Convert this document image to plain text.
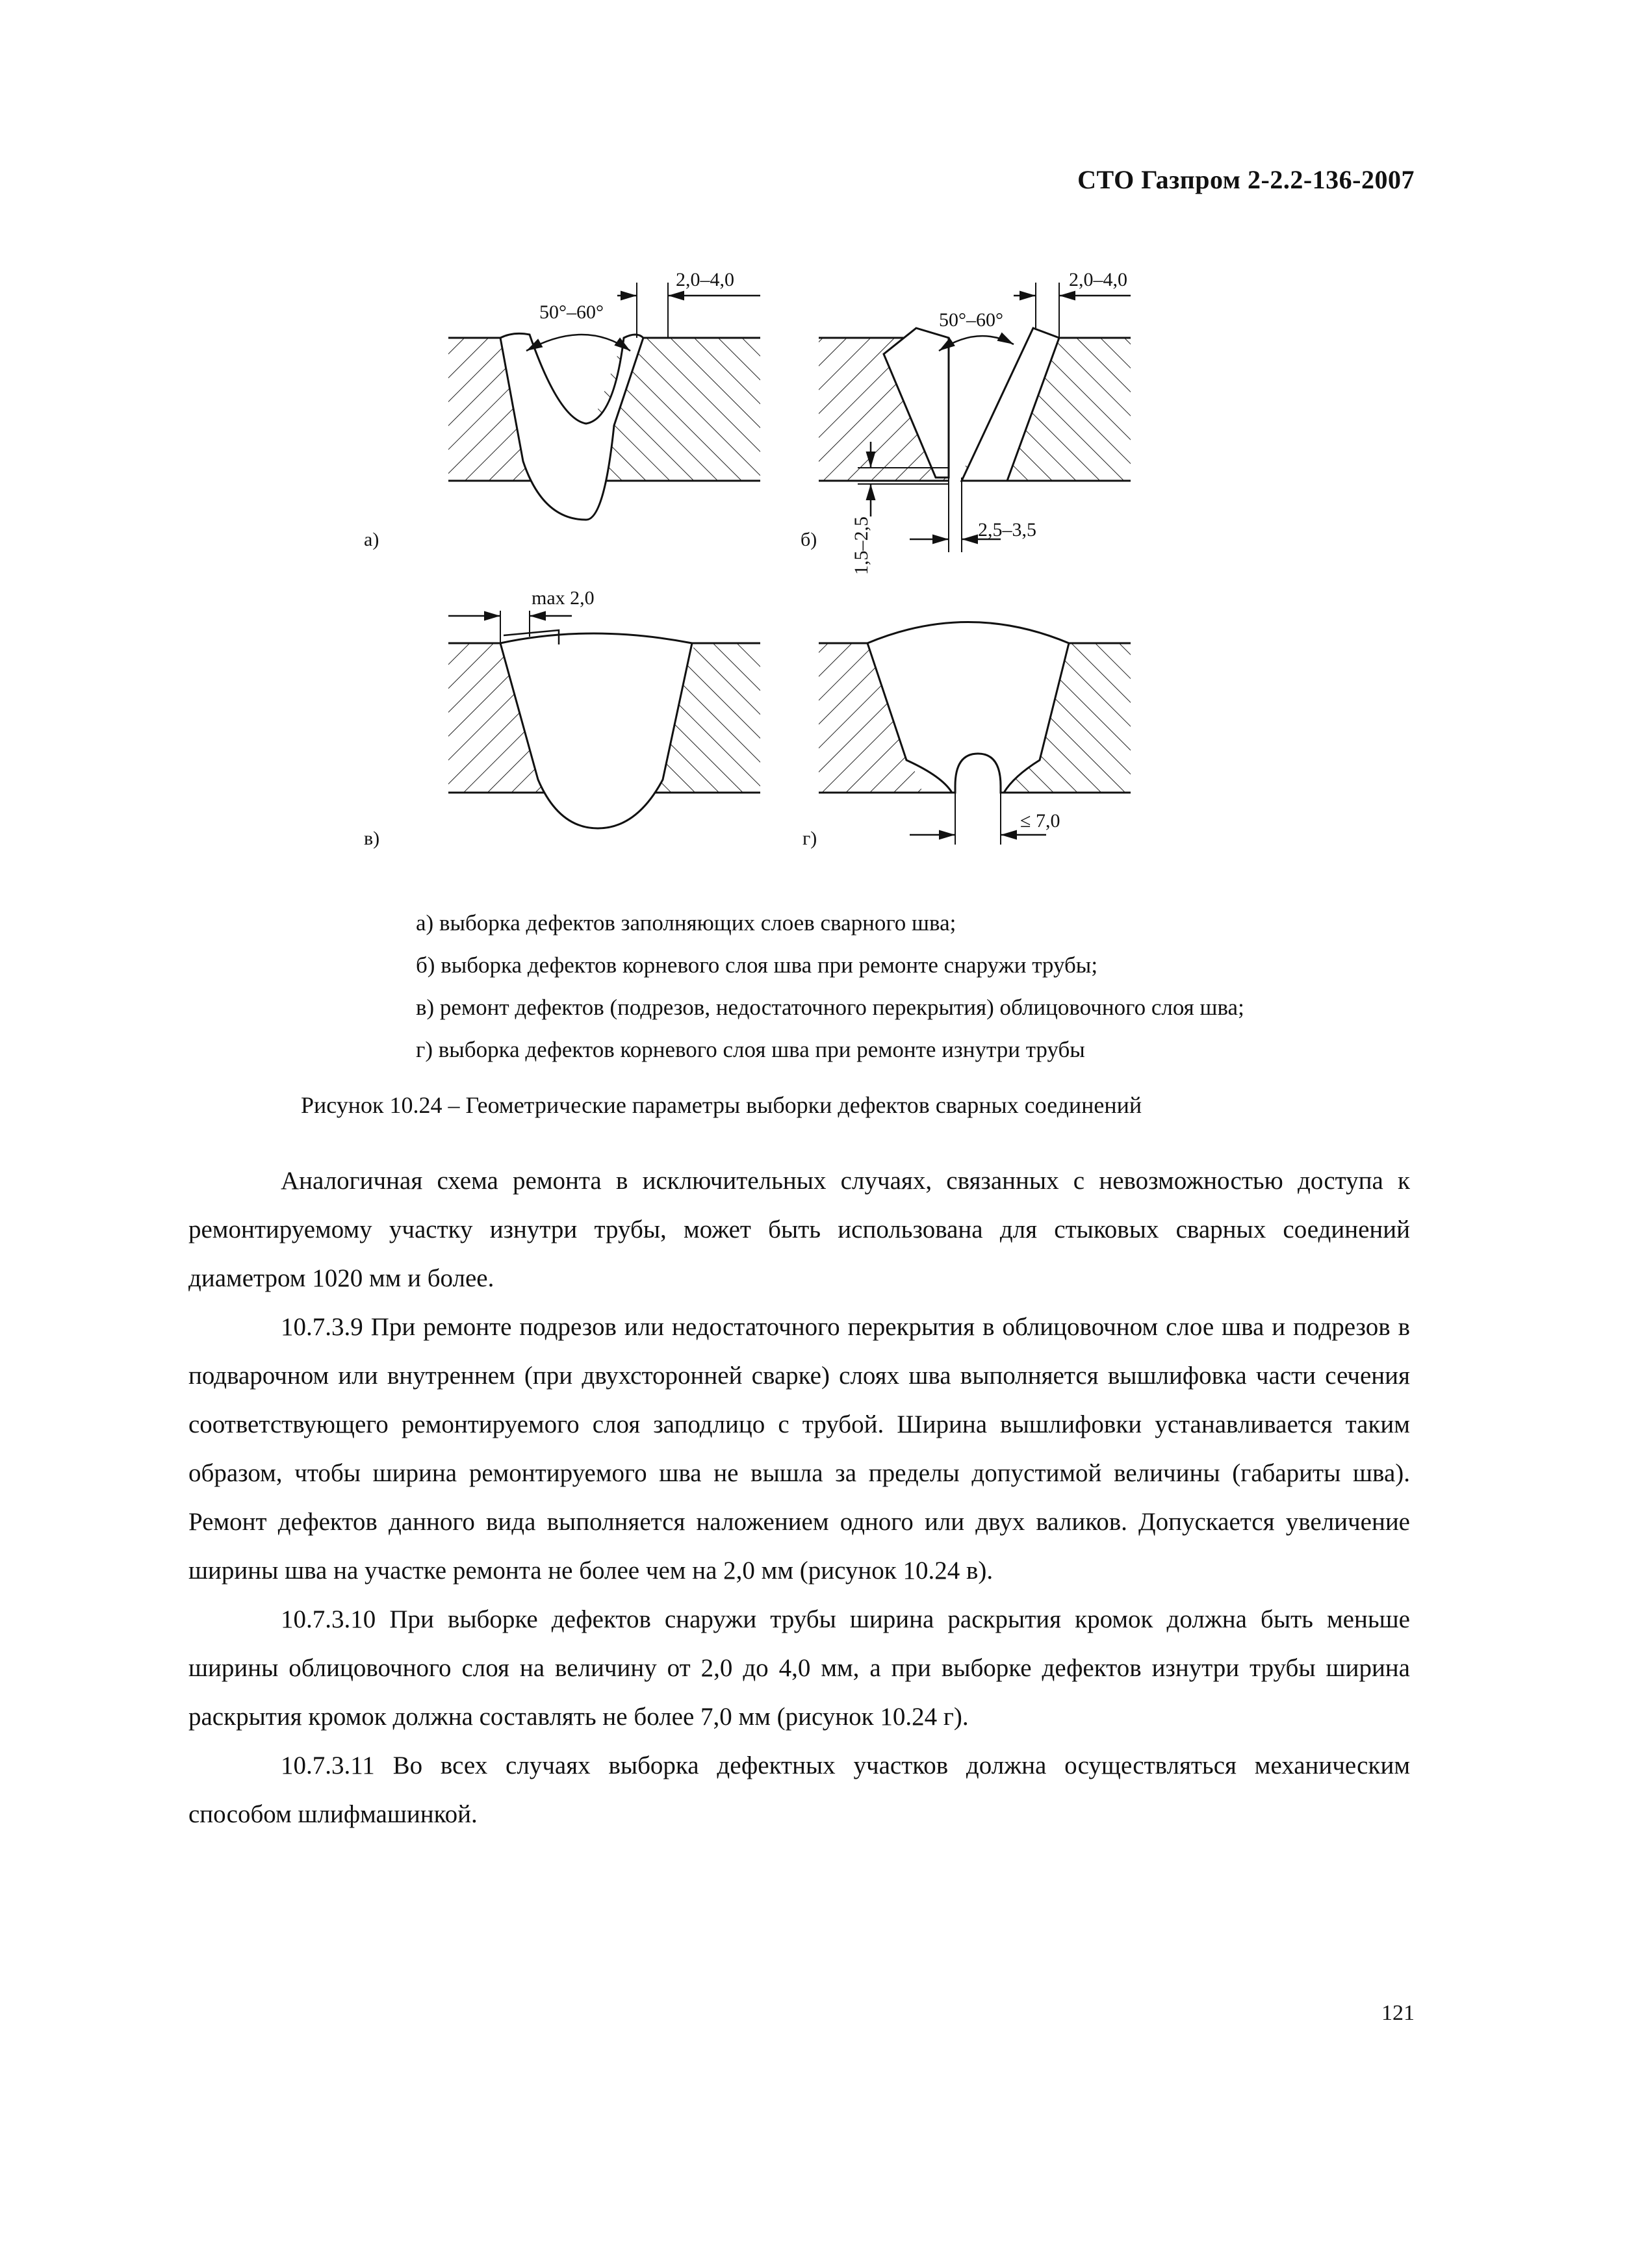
СТО Газпром 2-2.2-136-2007
50°–60°
2,0–4,0
а)
50°–60°
2,0–4,0
1,5–2,5	2,5–3,5
б)
max 2,0
в)
≤ 7,0
г)
а) выборка дефектов заполняющих слоев сварного шва;
б) выборка дефектов корневого слоя шва при ремонте снаружи трубы;
в) ремонт дефектов (подрезов, недостаточного перекрытия) облицовочного слоя шва;
г) выборка дефектов корневого слоя шва при ремонте изнутри трубы
Рисунок 10.24 – Геометрические параметры выборки дефектов сварных соединений

Аналогичная схема ремонта в исключительных случаях, связанных с невозможностью доступа к ремонтируемому участку изнутри трубы, может быть использована для стыковых сварных соединений диаметром 1020 мм и более.

10.7.3.9 При ремонте подрезов или недостаточного перекрытия в облицовочном слое шва и подрезов в подварочном или внутреннем (при двухсторонней сварке) слоях шва выполняется вышлифовка части сечения соответствующего ремонтируемого слоя заподлицо с трубой. Ширина вышлифовки устанавливается таким образом, чтобы ширина ремонтируемого шва не вышла за пределы допустимой величины (габариты шва). Ремонт дефектов данного вида выполняется наложением одного или двух валиков. Допускается увеличение ширины шва на участке ремонта не более чем на 2,0 мм (рисунок 10.24 в).

10.7.3.10 При выборке дефектов снаружи трубы ширина раскрытия кромок должна быть меньше ширины облицовочного слоя на величину от 2,0 до 4,0 мм, а при выборке дефектов изнутри трубы ширина раскрытия кромок должна составлять не более 7,0 мм (рисунок 10.24 г).

10.7.3.11 Во всех случаях выборка дефектных участков должна осуществляться механическим способом шлифмашинкой.

121
